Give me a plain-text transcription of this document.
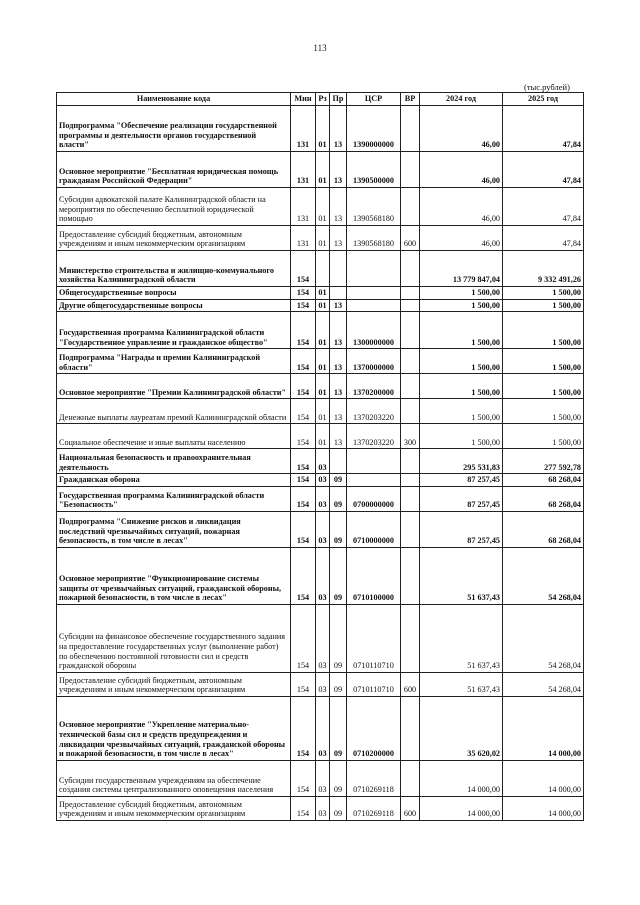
113
(тыс.рублей)
Наименование кода	Мин	Рз	Пр	ЦСР	ВР	2024 год	2025 год
Подпрограмма "Обеспечение реализации государственной программы и деятельности органов государственной власти"	131	01	13	1390000000		46,00	47,84
Основное мероприятие "Бесплатная юридическая помощь гражданам Российской Федерации"	131	01	13	1390500000		46,00	47,84
Субсидии адвокатской палате Калининградской области на мероприятия по обеспечению бесплатной юридической помощью	131	01	13	1390568180		46,00	47,84
Предоставление субсидий бюджетным, автономным учреждениям и иным некоммерческим организациям	131	01	13	1390568180	600	46,00	47,84
Министерство строительства и жилищно-коммунального хозяйства Калининградской области	154					13 779 847,04	9 332 491,26
Общегосударственные вопросы	154	01				1 500,00	1 500,00
Другие общегосударственные вопросы	154	01	13			1 500,00	1 500,00
Государственная программа Калининградской области "Государственное управление и гражданское общество"	154	01	13	1300000000		1 500,00	1 500,00
Подпрограмма "Награды и премии Калининградской области"	154	01	13	1370000000		1 500,00	1 500,00
Основное мероприятие "Премии Калининградской области"	154	01	13	1370200000		1 500,00	1 500,00
Денежные выплаты лауреатам премий Калининградской области	154	01	13	1370203220		1 500,00	1 500,00
Социальное обеспечение и иные выплаты населению	154	01	13	1370203220	300	1 500,00	1 500,00
Национальная безопасность и правоохранительная деятельность	154	03				295 531,83	277 592,78
Гражданская оборона	154	03	09			87 257,45	68 268,04
Государственная программа Калининградской области "Безопасность"	154	03	09	0700000000		87 257,45	68 268,04
Подпрограмма "Снижение рисков и ликвидация последствий чрезвычайных ситуаций, пожарная безопасность, в том числе в лесах"	154	03	09	0710000000		87 257,45	68 268,04
Основное мероприятие "Функционирование системы защиты от чрезвычайных ситуаций, гражданской обороны, пожарной безопасности, в том числе в лесах"	154	03	09	0710100000		51 637,43	54 268,04
Субсидии на финансовое обеспечение государственного задания на предоставление государственных услуг (выполнение работ) по обеспечению постоянной готовности сил и средств гражданской обороны	154	03	09	0710110710		51 637,43	54 268,04
Предоставление субсидий бюджетным, автономным учреждениям и иным некоммерческим организациям	154	03	09	0710110710	600	51 637,43	54 268,04
Основное мероприятие "Укрепление материально-технической базы сил и средств предупреждения и ликвидации чрезвычайных ситуаций, гражданской обороны и пожарной безопасности, в том числе в лесах"	154	03	09	0710200000		35 620,02	14 000,00
Субсидии государственным учреждениям на обеспечение создания системы централизованного оповещения населения	154	03	09	0710269118		14 000,00	14 000,00
Предоставление субсидий бюджетным, автономным учреждениям и иным некоммерческим организациям	154	03	09	0710269118	600	14 000,00	14 000,00
